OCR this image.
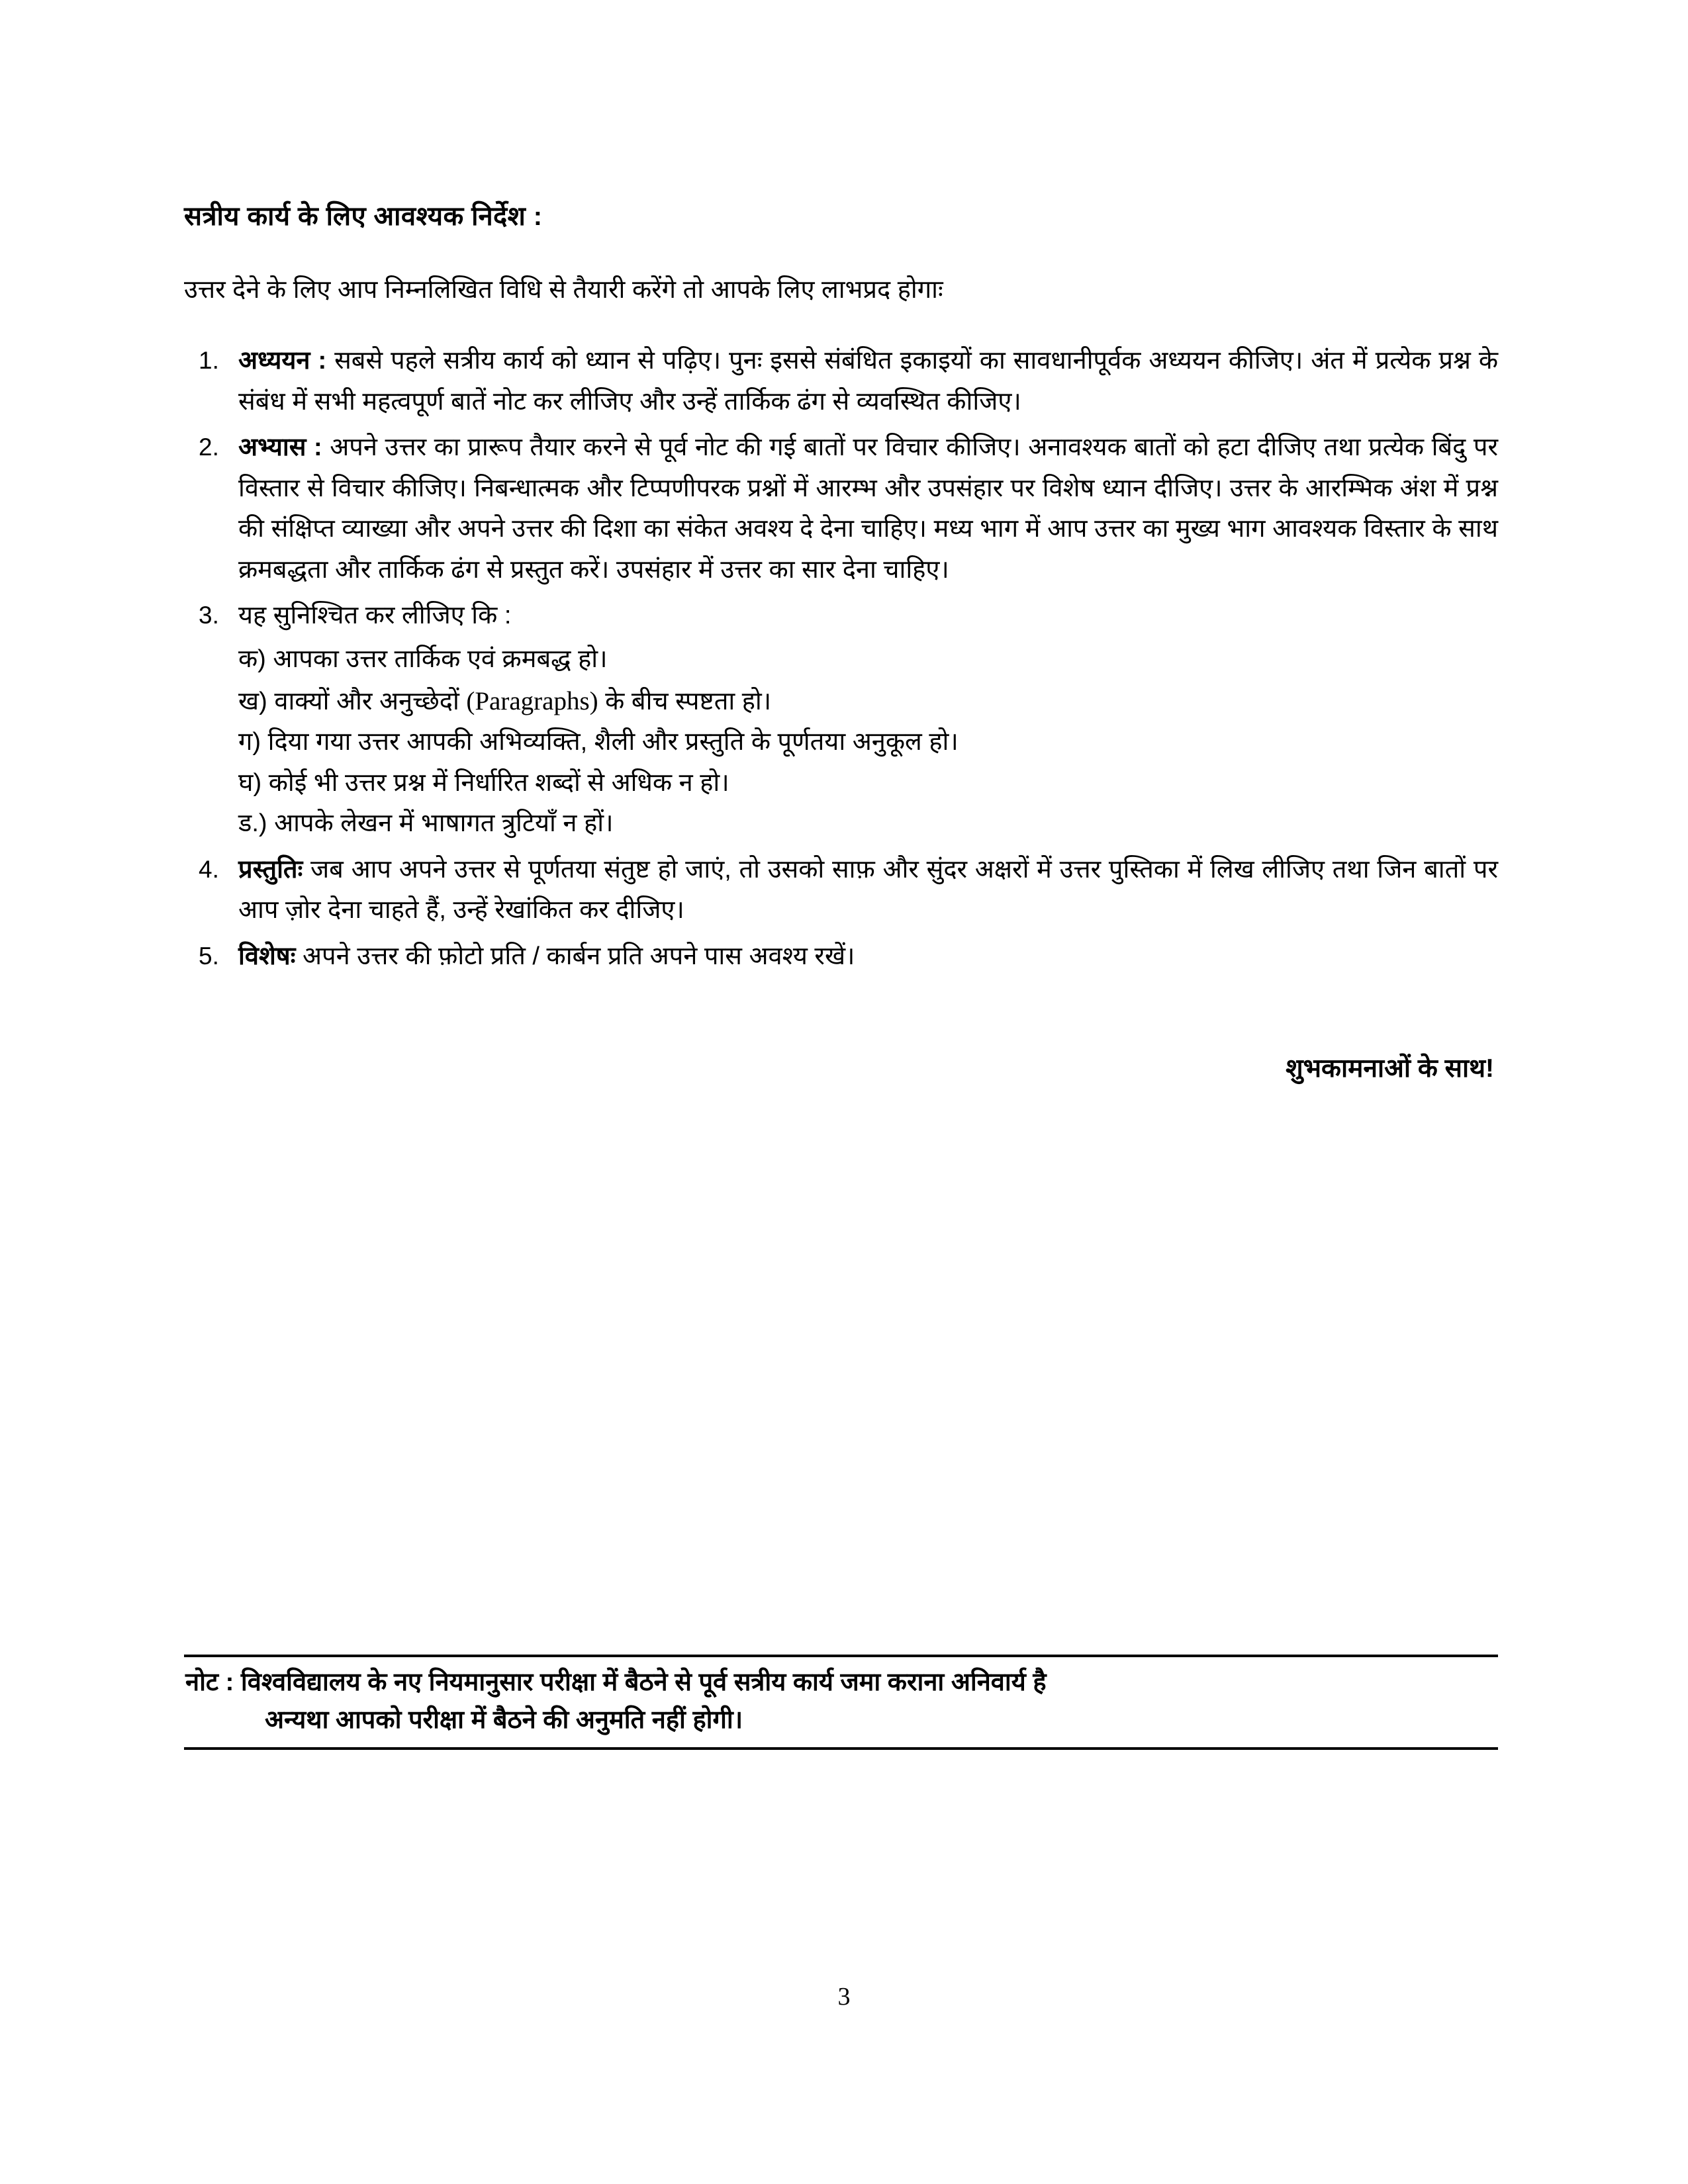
सत्रीय कार्य के लिए आवश्यक निर्देश :

उत्तर देने के लिए आप निम्नलिखित विधि से तैयारी करेंगे तो आपके लिए लाभप्रद होगाः

1. अध्ययन : सबसे पहले सत्रीय कार्य को ध्यान से पढ़िए। पुनः इससे संबंधित इकाइयों का सावधानीपूर्वक अध्ययन कीजिए। अंत में प्रत्येक प्रश्न के संबंध में सभी महत्वपूर्ण बातें नोट कर लीजिए और उन्हें तार्किक ढंग से व्यवस्थित कीजिए।
2. अभ्यास : अपने उत्तर का प्रारूप तैयार करने से पूर्व नोट की गई बातों पर विचार कीजिए। अनावश्यक बातों को हटा दीजिए तथा प्रत्येक बिंदु पर विस्तार से विचार कीजिए। निबन्धात्मक और टिप्पणीपरक प्रश्नों में आरम्भ और उपसंहार पर विशेष ध्यान दीजिए। उत्तर के आरम्भिक अंश में प्रश्न की संक्षिप्त व्याख्या और अपने उत्तर की दिशा का संकेत अवश्य दे देना चाहिए। मध्य भाग में आप उत्तर का मुख्य भाग आवश्यक विस्तार के साथ क्रमबद्धता और तार्किक ढंग से प्रस्तुत करें। उपसंहार में उत्तर का सार देना चाहिए।
3. यह सुनिश्चित कर लीजिए कि :
क) आपका उत्तर तार्किक एवं क्रमबद्ध हो।
ख) वाक्यों और अनुच्छेदों (Paragraphs) के बीच स्पष्टता हो।
ग) दिया गया उत्तर आपकी अभिव्यक्ति, शैली और प्रस्तुति के पूर्णतया अनुकूल हो।
घ) कोई भी उत्तर प्रश्न में निर्धारित शब्दों से अधिक न हो।
ड.) आपके लेखन में भाषागत त्रुटियाँ न हों।
4. प्रस्तुतिः जब आप अपने उत्तर से पूर्णतया संतुष्ट हो जाएं, तो उसको साफ़ और सुंदर अक्षरों में उत्तर पुस्तिका में लिख लीजिए तथा जिन बातों पर आप ज़ोर देना चाहते हैं, उन्हें रेखांकित कर दीजिए।
5. विशेषः अपने उत्तर की फ़ोटो प्रति / कार्बन प्रति अपने पास अवश्य रखें।
शुभकामनाओं के साथ!
नोट : विश्वविद्यालय के नए नियमानुसार परीक्षा में बैठने से पूर्व सत्रीय कार्य जमा कराना अनिवार्य है
अन्यथा आपको परीक्षा में बैठने की अनुमति नहीं होगी।
3
